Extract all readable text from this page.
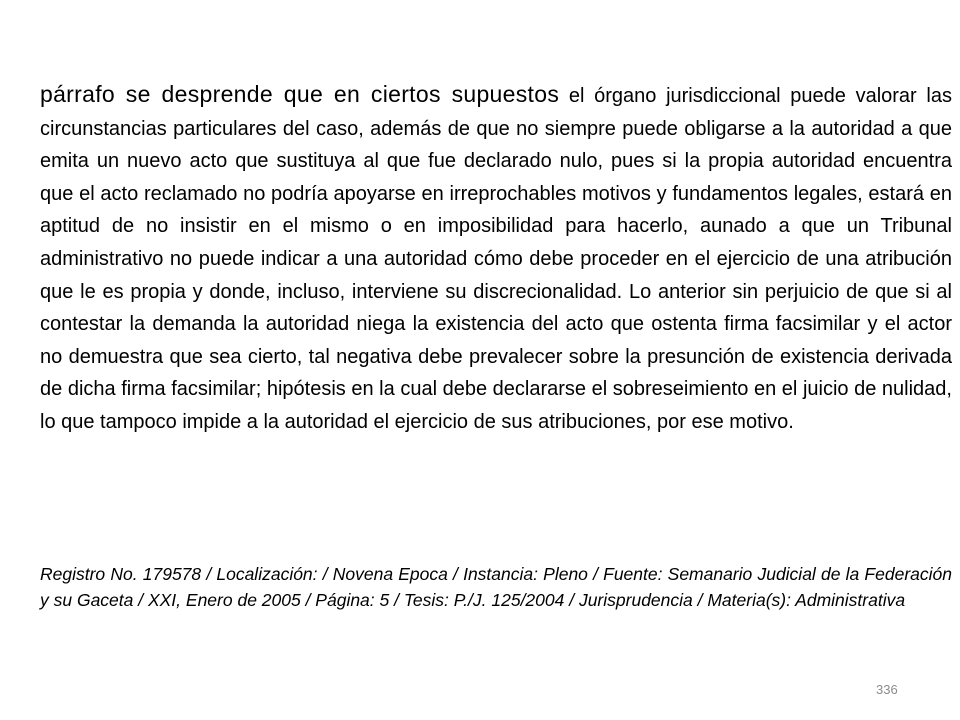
párrafo se desprende que en ciertos supuestos el órgano jurisdiccional puede valorar las circunstancias particulares del caso, además de que no siempre puede obligarse a la autoridad a que emita un nuevo acto que sustituya al que fue declarado nulo, pues si la propia autoridad encuentra que el acto reclamado no podría apoyarse en irreprochables motivos y fundamentos legales, estará en aptitud de no insistir en el mismo o en imposibilidad para hacerlo, aunado a que un Tribunal administrativo no puede indicar a una autoridad cómo debe proceder en el ejercicio de una atribución que le es propia y donde, incluso, interviene su discrecionalidad. Lo anterior sin perjuicio de que si al contestar la demanda la autoridad niega la existencia del acto que ostenta firma facsimilar y el actor no demuestra que sea cierto, tal negativa debe prevalecer sobre la presunción de existencia derivada de dicha firma facsimilar; hipótesis en la cual debe declararse el sobreseimiento en el juicio de nulidad, lo que tampoco impide a la autoridad el ejercicio de sus atribuciones, por ese motivo.

Registro No. 179578 / Localización: / Novena Epoca / Instancia: Pleno / Fuente: Semanario Judicial de la Federación y su Gaceta / XXI, Enero de 2005 / Página: 5 / Tesis: P./J. 125/2004 / Jurisprudencia / Materia(s): Administrativa

336
